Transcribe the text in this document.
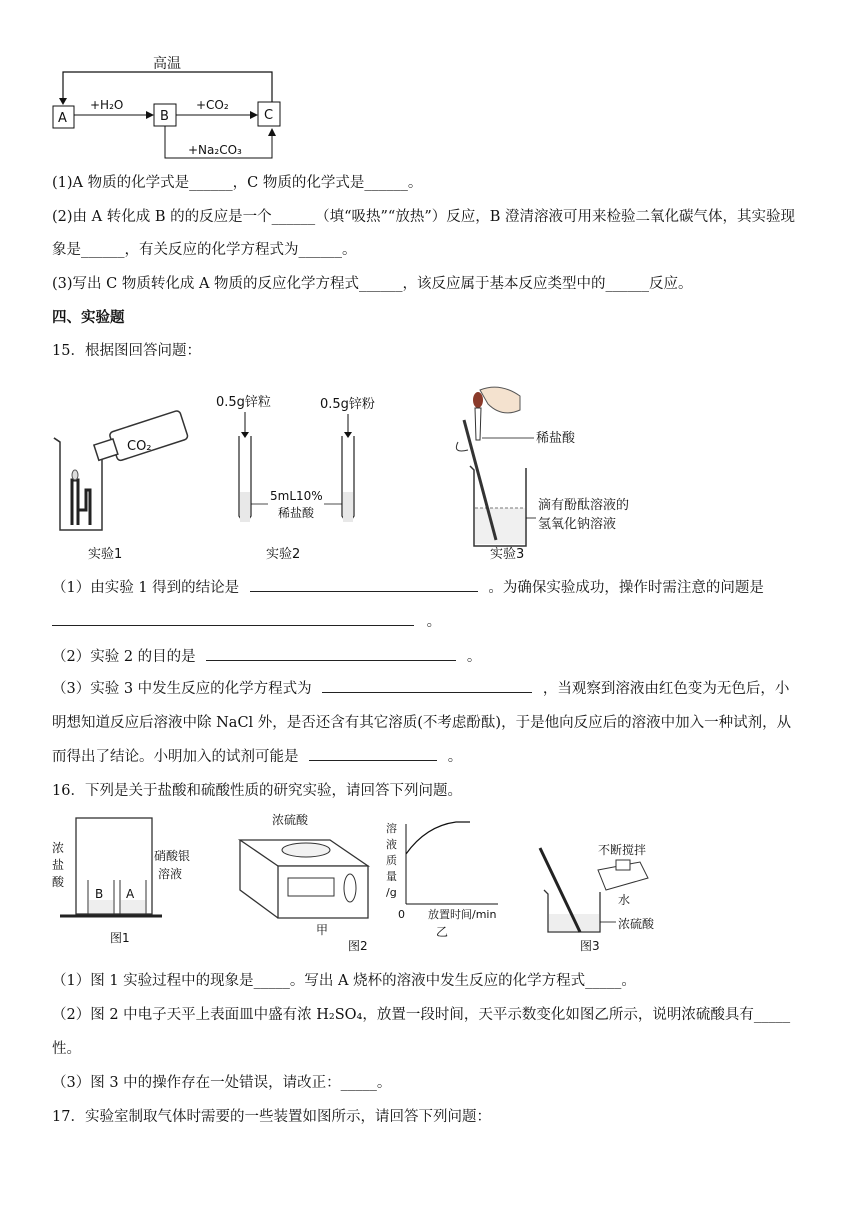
高温
A
+H₂O
B
+CO₂
C
+Na₂CO₃
(1)A 物质的化学式是______，C 物质的化学式是______。
(2)由 A 转化成 B 的的反应是一个______（填“吸热”“放热”）反应，B 澄清溶液可用来检验二氧化碳气体，其实验现
象是______，有关反应的化学方程式为______。
(3)写出 C 物质转化成 A 物质的反应化学方程式______，该反应属于基本反应类型中的______反应。
四、实验题
15．根据图回答问题：
CO₂
实验1
0.5g锌粒	0.5g锌粉
5mL10%
稀盐酸
实验2
稀盐酸
滴有酚酞溶液的
氢氧化钠溶液
实验3
（1）由实验 1 得到的结论是	。为确保实验成功，操作时需注意的问题是
。
（2）实验 2 的目的是	。
（3）实验 3 中发生反应的化学方程式为	，当观察到溶液由红色变为无色后，小
明想知道反应后溶液中除 NaCl 外，是否还含有其它溶质(不考虑酚酞)，于是他向反应后的溶液中加入一种试剂，从
而得出了结论。小明加入的试剂可能是	。
16．下列是关于盐酸和硫酸性质的研究实验，请回答下列问题。
B A
浓
盐
酸
硝酸银
溶液
图1
浓硫酸
甲
图2
溶
液
质
量
/g
0 放置时间/min
乙
不断搅拌
水
浓硫酸
图3
（1）图 1 实验过程中的现象是_____。写出 A 烧杯的溶液中发生反应的化学方程式_____。
（2）图 2 中电子天平上表面皿中盛有浓 H₂SO₄，放置一段时间，天平示数变化如图乙所示，说明浓硫酸具有_____
性。
（3）图 3 中的操作存在一处错误，请改正：_____。
17．实验室制取气体时需要的一些装置如图所示，请回答下列问题：
